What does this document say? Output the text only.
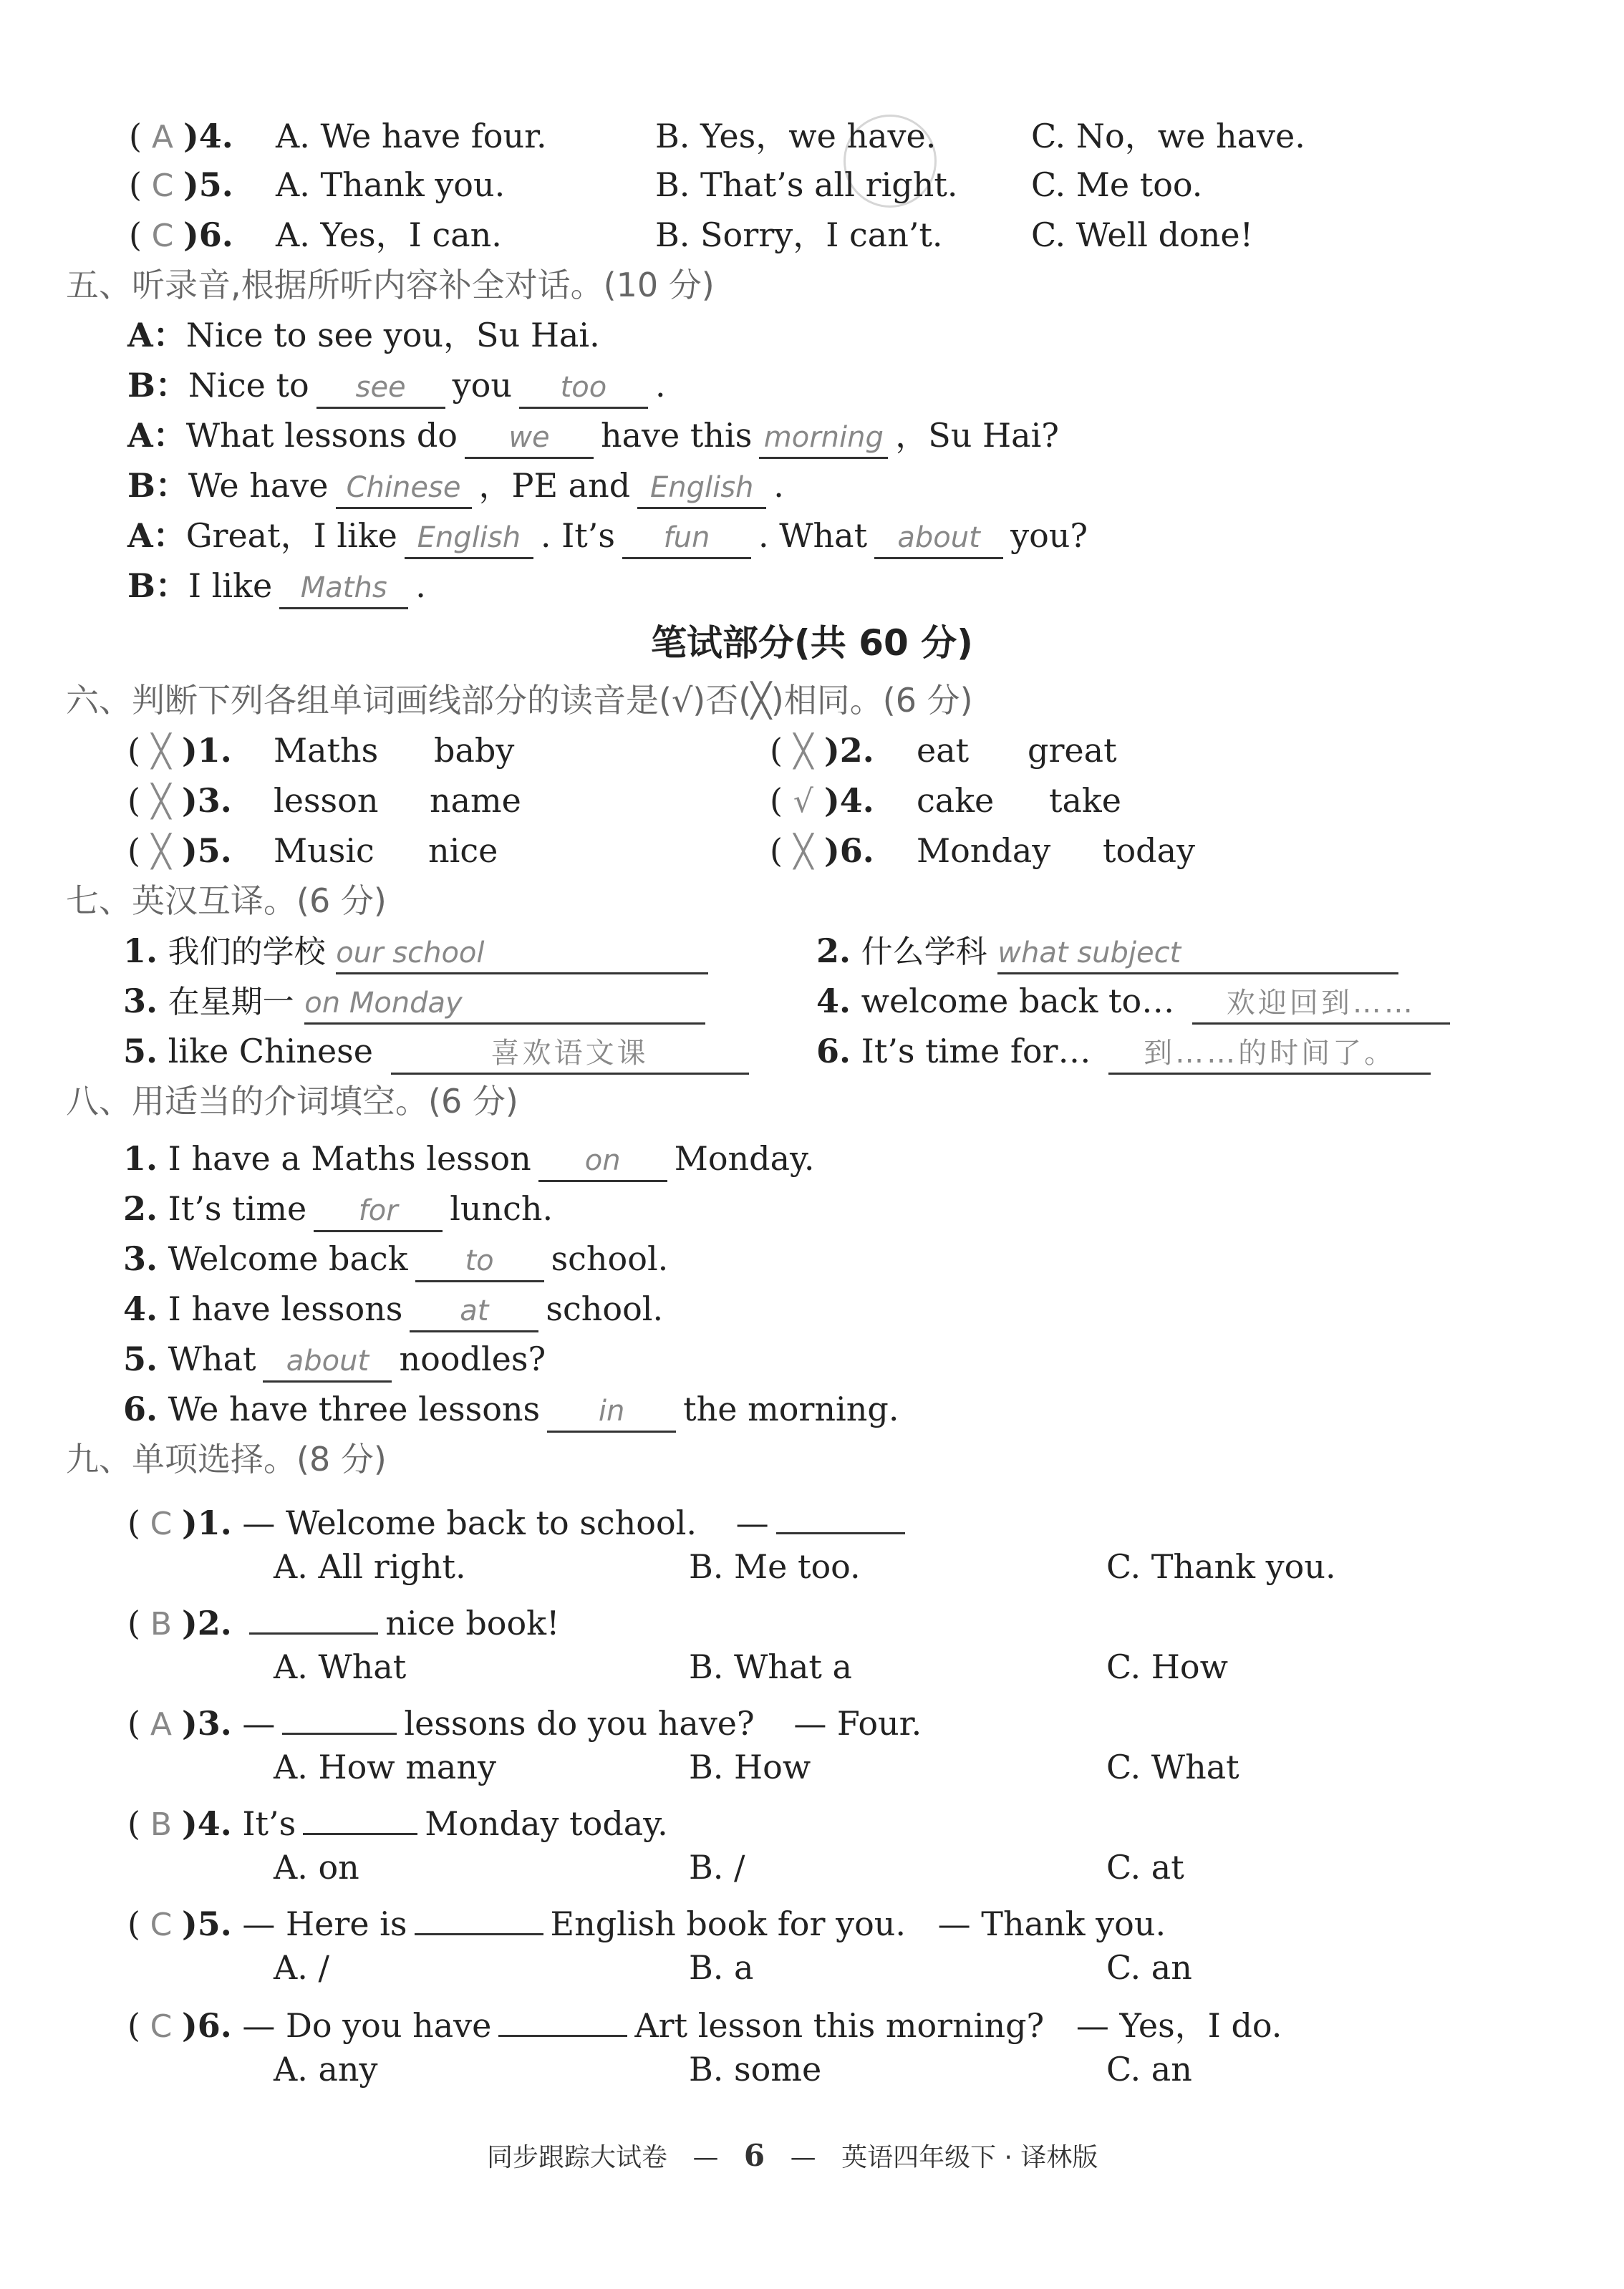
( A )4. A. We have four.	B. Yes，we have.	C. No，we have.
( C )5. A. Thank you.	B. That’s all right. C. Me too.
( C )6. A. Yes，I can.	B. Sorry，I can’t.	C. Well done!
五、听录音,根据所听内容补全对话。(10 分)
A：Nice to see you，Su Hai.
B：Nice to see you too .
A：What lessons do we have this morning ，Su Hai?
B：We have Chinese ，PE and English .
A：Great，I like English . It’s fun . What about you?
B：I like Maths .
笔试部分(共 60 分)
六、判断下列各组单词画线部分的读音是(√)否(╳)相同。(6 分)
( ╳ )1. Maths baby	( ╳ )2. eat great
( ╳ )3. lesson name	( √ )4. cake take
( ╳ )5. Music nice	( ╳ )6. Monday today
七、英汉互译。(6 分)
1. 我们的学校 our school	2. 什么学科 what subject
3. 在星期一 on Monday	4. welcome back to… 欢迎回到……
5. like Chinese	喜欢语文课	6. It’s time for… 到……的时间了。
八、用适当的介词填空。(6 分)
1. I have a Maths lesson on Monday.
2. It’s time for lunch.
3. Welcome back to school.
4. I have lessons at school.
5. What about noodles?
6. We have three lessons in the morning.
九、单项选择。(8 分)
( C )1. — Welcome back to school. —
A. All right.	B. Me too.	C. Thank you.
( B )2.	nice book!
A. What	B. What a	C. How
( A )3. —	lessons do you have? — Four.
A. How many	B. How	C. What
( B )4. It’s	Monday today.
A. on	B. /	C. at
( C )5. — Here is	English book for you. — Thank you.
A. /	B. a	C. an
( C )6. — Do you have	Art lesson this morning? — Yes，I do.
A. any	B. some	C. an
同步跟踪大试卷 — 6 — 英语四年级下 · 译林版
